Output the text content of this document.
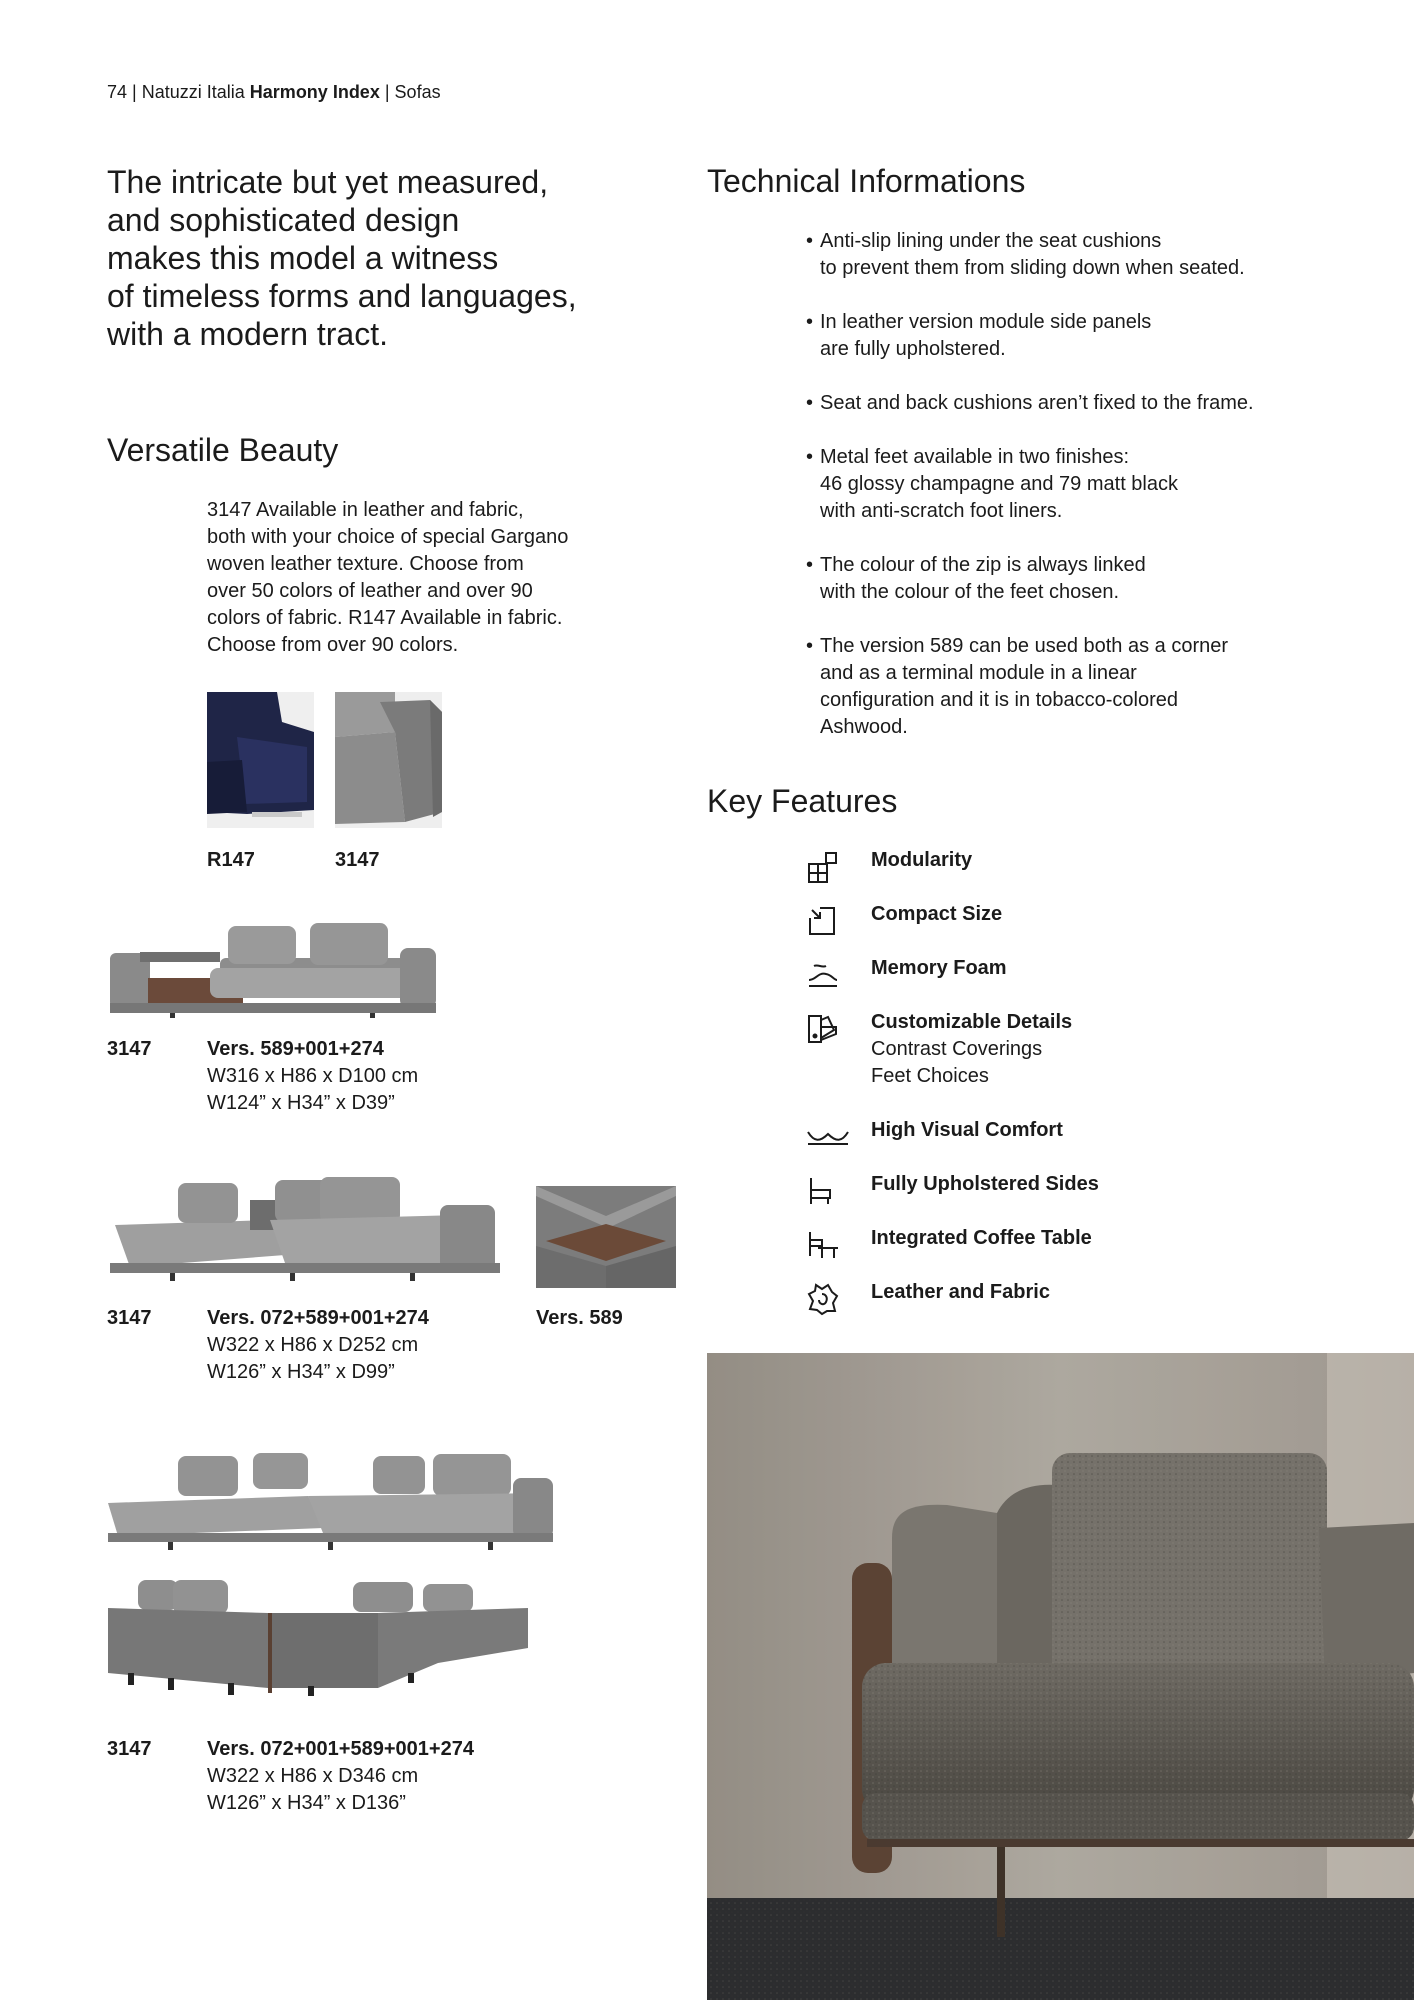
74 | Natuzzi Italia Harmony Index | Sofas
The intricate but yet measured,
and sophisticated design
makes this model a witness
of timeless forms and languages,
with a modern tract.
Versatile Beauty
3147 Available in leather and fabric,
both with your choice of special Gargano
woven leather texture. Choose from
over 50 colors of leather and over 90
colors of fabric. R147 Available in fabric.
Choose from over 90 colors.
R147	3147
3147	Vers. 589+001+274
W316 x H86 x D100 cm
W124” x H34” x D39”
3147	Vers. 072+589+001+274
W322 x H86 x D252 cm
W126” x H34” x D99”
Vers. 589
3147	Vers. 072+001+589+001+274
W322 x H86 x D346 cm
W126” x H34” x D136”
Technical Informations
• Anti-slip lining under the seat cushions
to prevent them from sliding down when seated.
• In leather version module side panels
are fully upholstered.
• Seat and back cushions aren’t fixed to the frame.
• Metal feet available in two finishes:
46 glossy champagne and 79 matt black
with anti-scratch foot liners.
• The colour of the zip is always linked
with the colour of the feet chosen.
• The version 589 can be used both as a corner
and as a terminal module in a linear
configuration and it is in tobacco-colored
Ashwood.
Key Features
Modularity
Compact Size
Memory Foam
Customizable Details
Contrast Coverings
Feet Choices
High Visual Comfort
Fully Upholstered Sides
Integrated Coffee Table
Leather and Fabric
